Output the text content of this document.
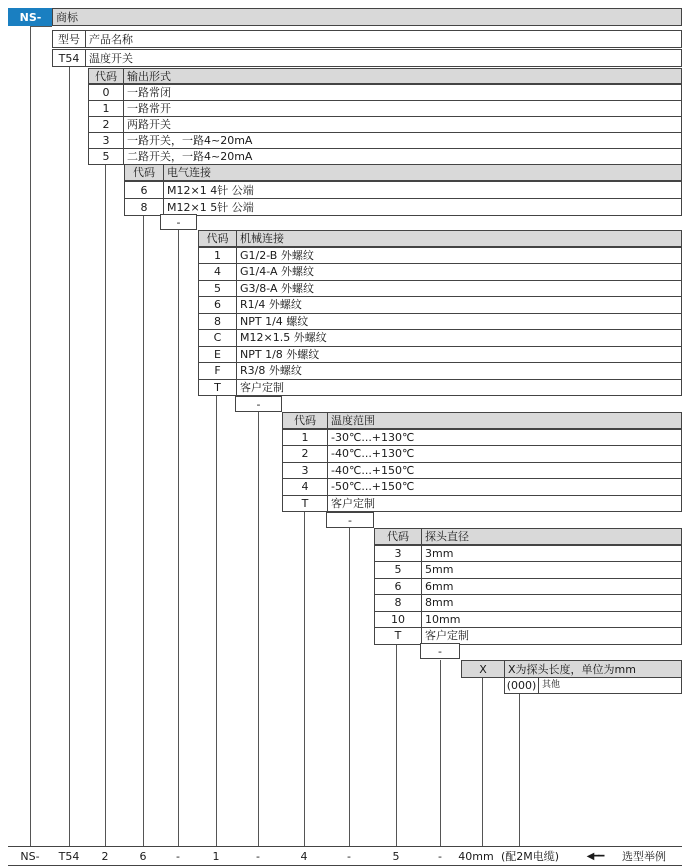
NS-	商标
型号 产品名称
T54 温度开关
代码 输出形式
0	一路常闭
1	一路常开
2	两路开关
3	一路开关，一路4~20mA
5	二路开关，一路4~20mA
代码	电气连接
6	M12×1 4针 公端
8	M12×1 5针 公端
代码	机械连接
1	G1/2-B 外螺纹
4	G1/4-A 外螺纹
5	G3/8-A 外螺纹
6	R1/4 外螺纹
8	NPT 1/4 螺纹
C	M12×1.5 外螺纹
E	NPT 1/8 外螺纹
F	R3/8 外螺纹
T	客户定制
代码	温度范围
1	-30℃...+130℃
2	-40℃...+130℃
3	-40℃...+150℃
4	-50℃...+150℃
T	客户定制
代码	探头直径
3	3mm
5	5mm
6	6mm
8	8mm
10	10mm
T	客户定制
-
-
-
-
X	X为探头长度，单位为mm
(000) 其他
NS-	T54	2	6	-	1	-	4	-	5	-	40mm (配2M电缆)	◀━━	选型举例
